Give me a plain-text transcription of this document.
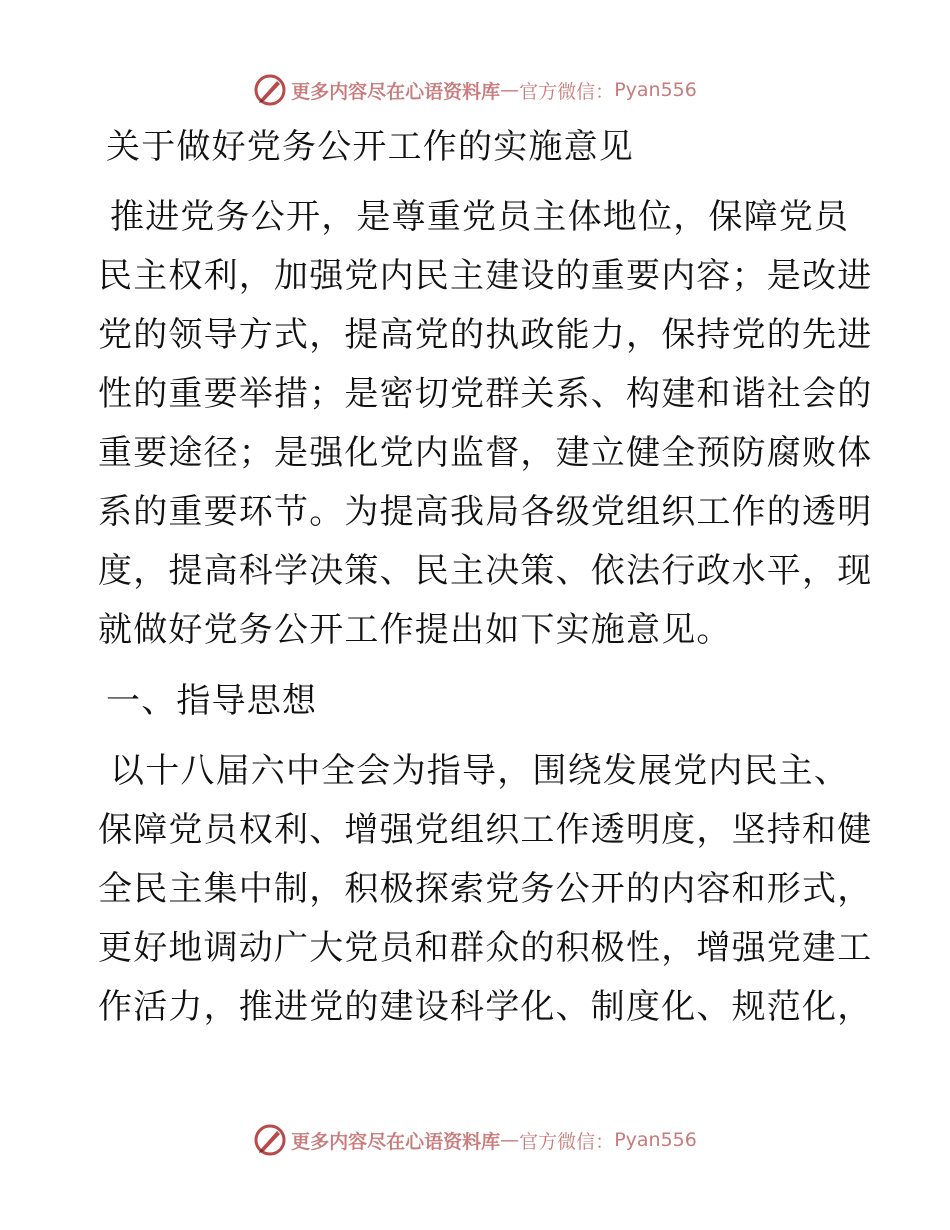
更多内容尽在心语资料库 — 官方微信： Pyan556
关于做好党务公开工作的实施意见
推进党务公开，是尊重党员主体地位，保障党员
民主权利，加强党内民主建设的重要内容；是改进
党的领导方式，提高党的执政能力，保持党的先进
性的重要举措；是密切党群关系、构建和谐社会的
重要途径；是强化党内监督，建立健全预防腐败体
系的重要环节。为提高我局各级党组织工作的透明
度，提高科学决策、民主决策、依法行政水平，现
就做好党务公开工作提出如下实施意见。
一、指导思想
以十八届六中全会为指导，围绕发展党内民主、
保障党员权利、增强党组织工作透明度，坚持和健
全民主集中制，积极探索党务公开的内容和形式，
更好地调动广大党员和群众的积极性，增强党建工
作活力，推进党的建设科学化、制度化、规范化，
更多内容尽在心语资料库 — 官方微信： Pyan556
